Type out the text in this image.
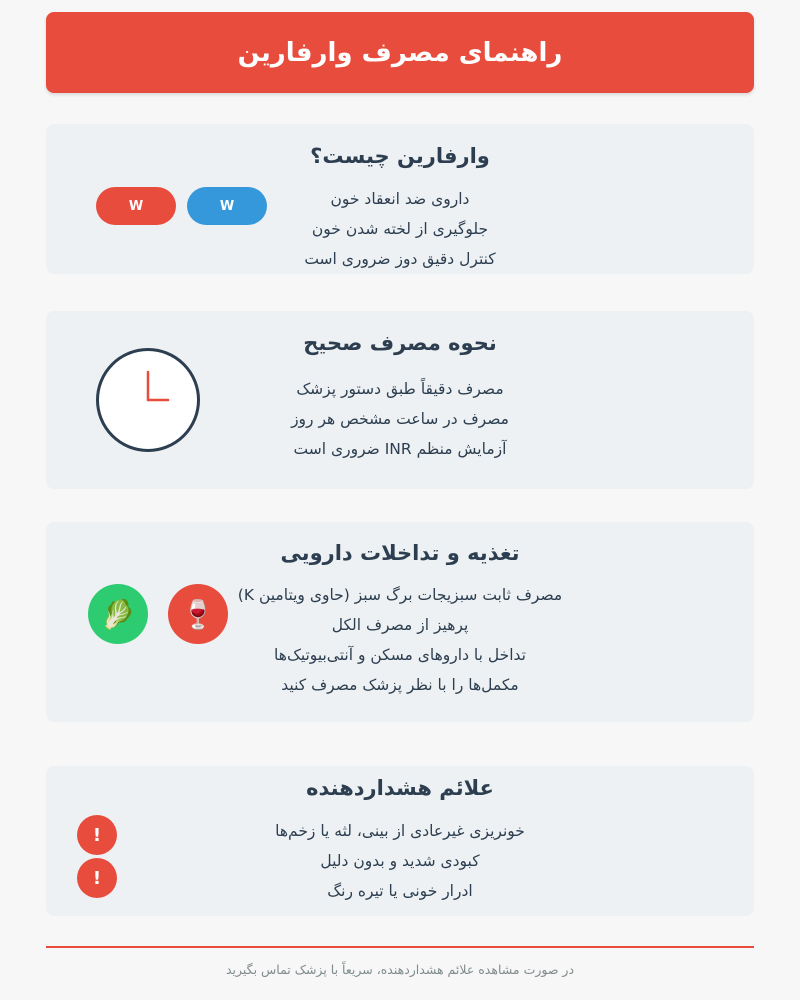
راهنمای مصرف وارفارین
وارفارین چیست؟
داروی ضد انعقاد خون
جلوگیری از لخته شدن خون
کنترل دقیق دوز ضروری است
W	W
نحوه مصرف صحیح
مصرف دقیقاً طبق دستور پزشک
مصرف در ساعت مشخص هر روز
آزمایش منظم INR ضروری است
تغذیه و تداخلات دارویی
مصرف ثابت سبزیجات برگ سبز (حاوی ویتامین K)
پرهیز از مصرف الکل
تداخل با داروهای مسکن و آنتی‌بیوتیک‌ها
مکمل‌ها را با نظر پزشک مصرف کنید
🥬 🍷
علائم هشداردهنده
خونریزی غیرعادی از بینی، لثه یا زخم‌ها
کبودی شدید و بدون دلیل
ادرار خونی یا تیره رنگ
!
!
در صورت مشاهده علائم هشداردهنده، سریعاً با پزشک تماس بگیرید
